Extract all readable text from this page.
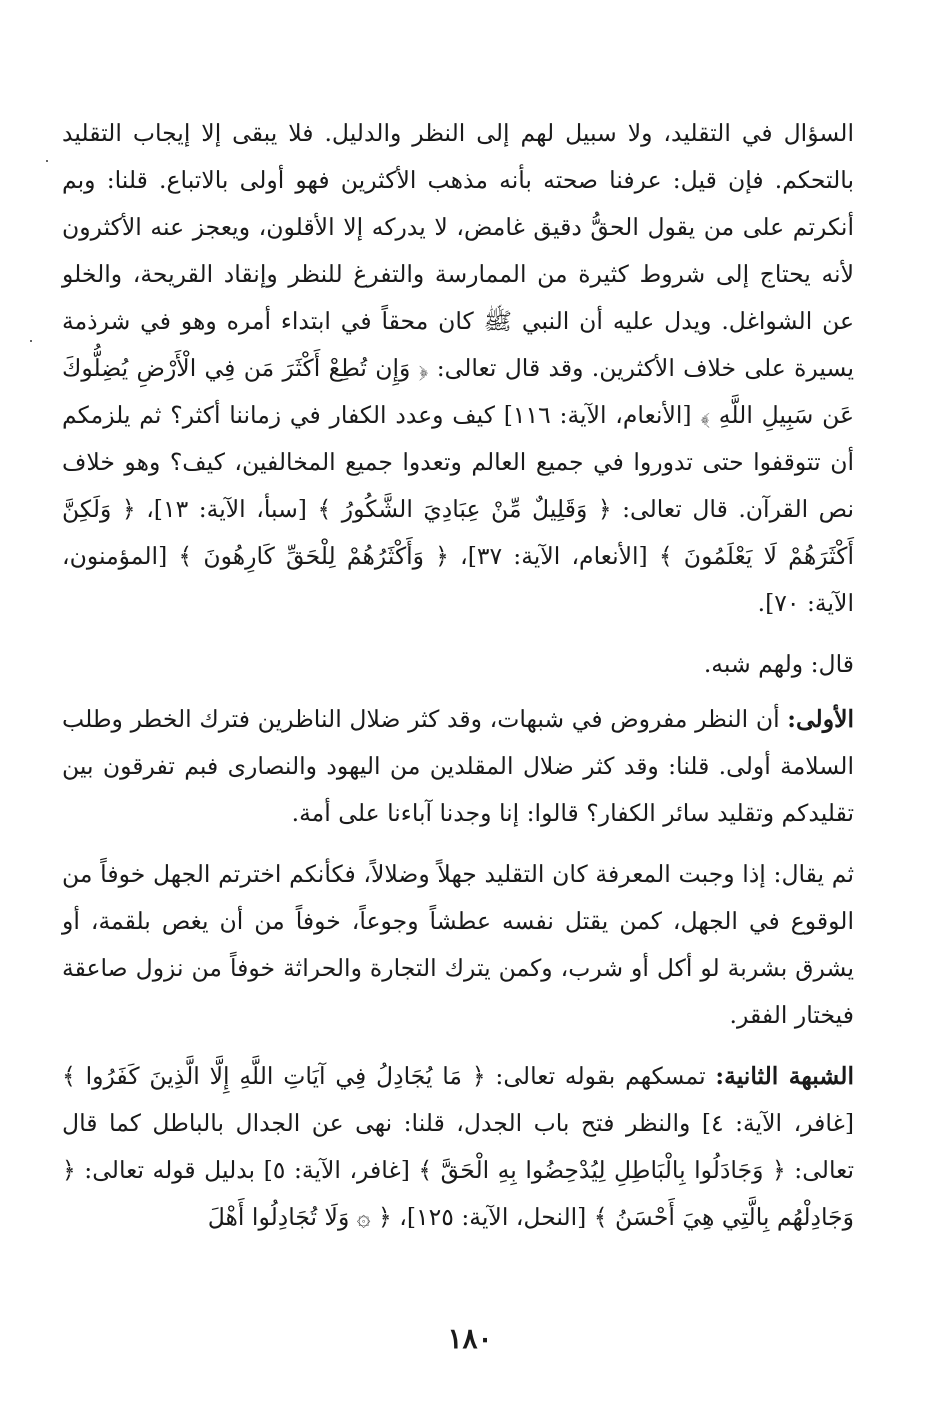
السؤال في التقليد، ولا سبيل لهم إلى النظر والدليل. فلا يبقى إلا إيجاب التقليد بالتحكم. فإن قيل: عرفنا صحته بأنه مذهب الأكثرين فهو أولى بالاتباع. قلنا: وبم أنكرتم على من يقول الحقُّ دقيق غامض، لا يدركه إلا الأقلون، ويعجز عنه الأكثرون لأنه يحتاج إلى شروط كثيرة من الممارسة والتفرغ للنظر وإنقاد القريحة، والخلو عن الشواغل. ويدل عليه أن النبي ﷺ كان محقاً في ابتداء أمره وهو في شرذمة يسيرة على خلاف الأكثرين. وقد قال تعالى: ﴿ وَإِن تُطِعْ أَكْثَرَ مَن فِي الْأَرْضِ يُضِلُّوكَ عَن سَبِيلِ اللَّهِ ﴾ [الأنعام، الآية: ١١٦] كيف وعدد الكفار في زماننا أكثر؟ ثم يلزمكم أن تتوقفوا حتى تدوروا في جميع العالم وتعدوا جميع المخالفين، كيف؟ وهو خلاف نص القرآن. قال تعالى: ﴿ وَقَلِيلٌ مِّنْ عِبَادِيَ الشَّكُورُ ﴾ [سبأ، الآية: ١٣]، ﴿ وَلَكِنَّ أَكْثَرَهُمْ لَا يَعْلَمُونَ ﴾ [الأنعام، الآية: ٣٧]، ﴿ وَأَكْثَرُهُمْ لِلْحَقِّ كَارِهُونَ ﴾ [المؤمنون، الآية: ٧٠].

قال: ولهم شبه.

الأولى: أن النظر مفروض في شبهات، وقد كثر ضلال الناظرين فترك الخطر وطلب السلامة أولى. قلنا: وقد كثر ضلال المقلدين من اليهود والنصارى فبم تفرقون بين تقليدكم وتقليد سائر الكفار؟ قالوا: إنا وجدنا آباءنا على أمة.

ثم يقال: إذا وجبت المعرفة كان التقليد جهلاً وضلالاً، فكأنكم اخترتم الجهل خوفاً من الوقوع في الجهل، كمن يقتل نفسه عطشاً وجوعاً، خوفاً من أن يغص بلقمة، أو يشرق بشربة لو أكل أو شرب، وكمن يترك التجارة والحراثة خوفاً من نزول صاعقة فيختار الفقر.

الشبهة الثانية: تمسكهم بقوله تعالى: ﴿ مَا يُجَادِلُ فِي آيَاتِ اللَّهِ إِلَّا الَّذِينَ كَفَرُوا ﴾ [غافر، الآية: ٤] والنظر فتح باب الجدل، قلنا: نهى عن الجدال بالباطل كما قال تعالى: ﴿ وَجَادَلُوا بِالْبَاطِلِ لِيُدْحِضُوا بِهِ الْحَقَّ ﴾ [غافر، الآية: ٥] بدليل قوله تعالى: ﴿ وَجَادِلْهُم بِالَّتِي هِيَ أَحْسَنُ ﴾ [النحل، الآية: ١٢٥]، ﴿ ۞ وَلَا تُجَادِلُوا أَهْلَ

١٨٠
